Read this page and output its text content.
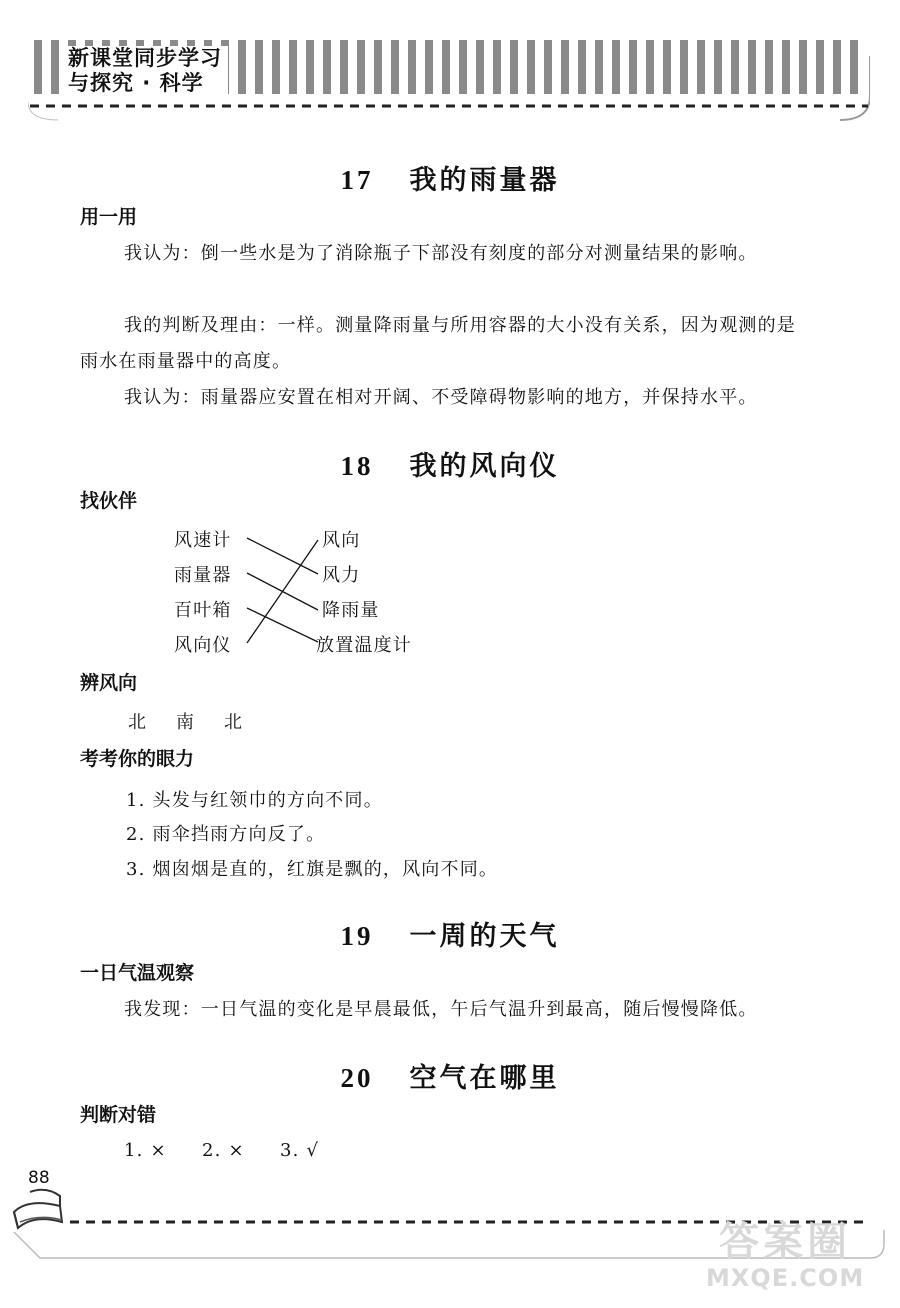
新课堂同步学习
与探究 · 科学
17 我的雨量器
用一用
我认为：倒一些水是为了消除瓶子下部没有刻度的部分对测量结果的影响。
我的判断及理由：一样。测量降雨量与所用容器的大小没有关系，因为观测的是雨水在雨量器中的高度。
我认为：雨量器应安置在相对开阔、不受障碍物影响的地方，并保持水平。
18 我的风向仪
找伙伴
风速计
雨量器
百叶箱
风向仪
风向
风力
降雨量
放置温度计
辨风向
北　南　北
考考你的眼力
1. 头发与红领巾的方向不同。
2. 雨伞挡雨方向反了。
3. 烟囱烟是直的，红旗是飘的，风向不同。
19 一周的天气
一日气温观察
我发现：一日气温的变化是早晨最低，午后气温升到最高，随后慢慢降低。
20 空气在哪里
判断对错
1. × 2. × 3. √
88
答案圈
MXQE.COM
